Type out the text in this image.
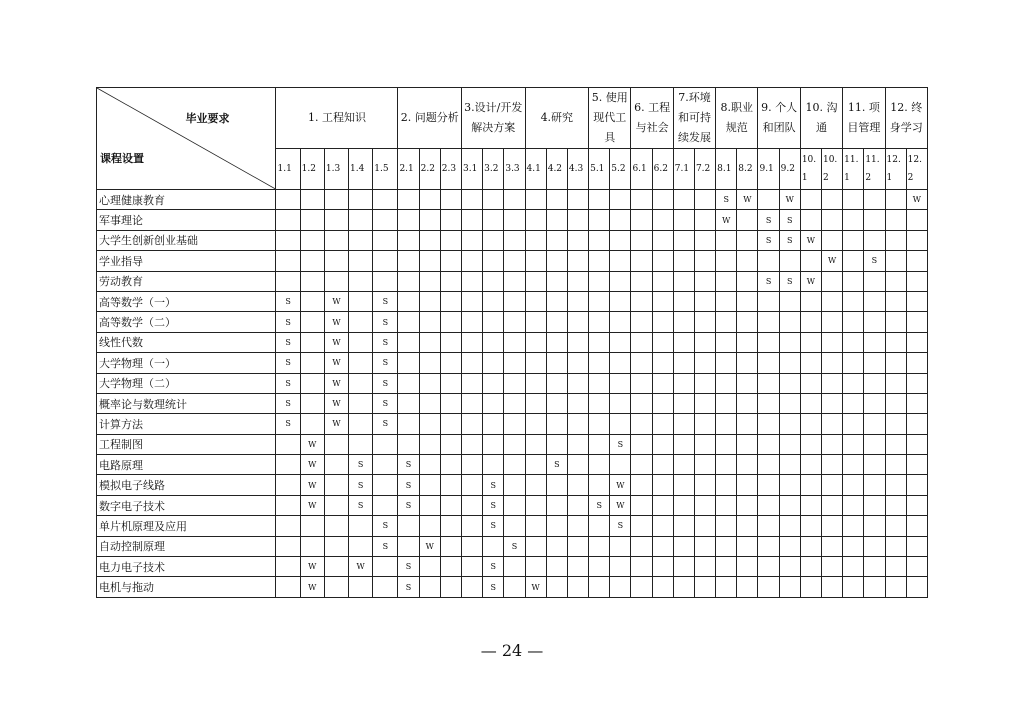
毕业要求
课程设置	1. 工程知识					2. 问题分析			3.设计/开发解决方案			4.研究			5. 使用现代工具		6. 工程与社会		7.环境和可持续发展		8.职业规范		9. 个人和团队		10. 沟通		11. 项目管理		12. 终身学习	
	1.1	1.2	1.3	1.4	1.5	2.1	2.2	2.3	3.1	3.2	3.3	4.1	4.2	4.3	5.1	5.2	6.1	6.2	7.1	7.2	8.1	8.2	9.1	9.2	10.1	10.2	11.1	11.2	12.1	12.2
心理健康教育																					S	W		W						W
军事理论																					W		S	S						
大学生创新创业基础																							S	S	W					
学业指导																										W		S		
劳动教育																							S	S	W					
高等数学（一）	S		W		S																									
高等数学（二）	S		W		S																									
线性代数	S		W		S																									
大学物理（一）	S		W		S																									
大学物理（二）	S		W		S																									
概率论与数理统计	S		W		S																									
计算方法	S		W		S																									
工程制图		W														S														
电路原理		W		S		S							S																	
模拟电子线路		W		S		S				S						W														
数字电子技术		W		S		S				S					S	W														
单片机原理及应用					S					S						S														
自动控制原理					S		W				S																			
电力电子技术		W		W		S				S																				
电机与拖动		W				S				S		W																		
— 24 —
